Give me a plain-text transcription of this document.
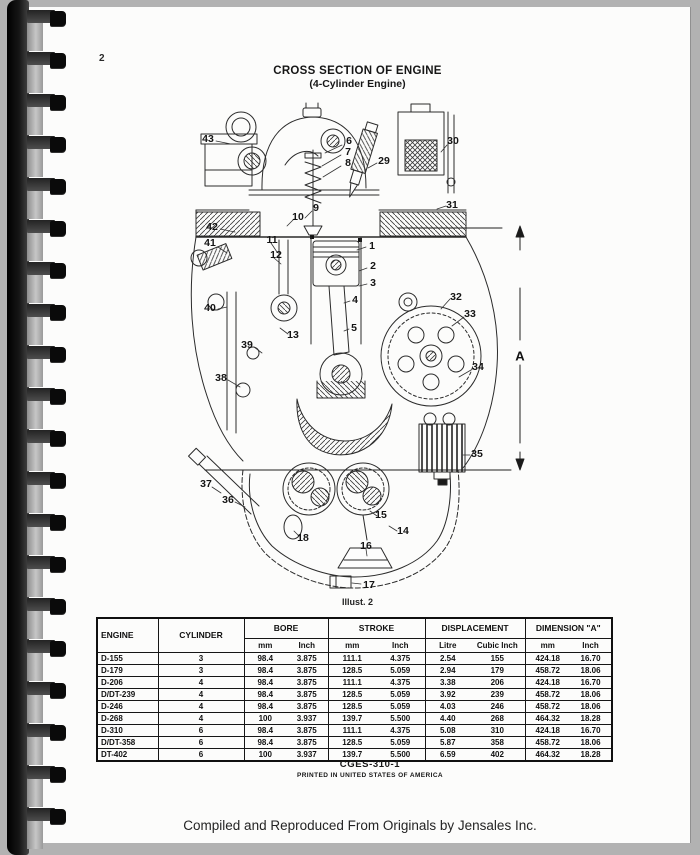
2
CROSS SECTION OF ENGINE
(4-Cylinder Engine)
1
2
3
4
5
6
7
8
9
10
11
12
13
14
15
16
17
18
29
30
31
32
33
34
35
36
37
38
39
40
41
42
43
A
Illust. 2
ENGINE	CYLINDER	BORE		STROKE		DISPLACEMENT		DIMENSION "A"	
		mm	Inch	mm	Inch	Litre	Cubic Inch	mm	Inch
D-155	3	98.4	3.875	111.1	4.375	2.54	155	424.18	16.70
D-179	3	98.4	3.875	128.5	5.059	2.94	179	458.72	18.06
D-206	4	98.4	3.875	111.1	4.375	3.38	206	424.18	16.70
D/DT-239	4	98.4	3.875	128.5	5.059	3.92	239	458.72	18.06
D-246	4	98.4	3.875	128.5	5.059	4.03	246	458.72	18.06
D-268	4	100	3.937	139.7	5.500	4.40	268	464.32	18.28
D-310	6	98.4	3.875	111.1	4.375	5.08	310	424.18	16.70
D/DT-358	6	98.4	3.875	128.5	5.059	5.87	358	458.72	18.06
DT-402	6	100	3.937	139.7	5.500	6.59	402	464.32	18.28
CGES-310-1
PRINTED IN UNITED STATES OF AMERICA
Compiled and Reproduced From Originals by Jensales Inc.
